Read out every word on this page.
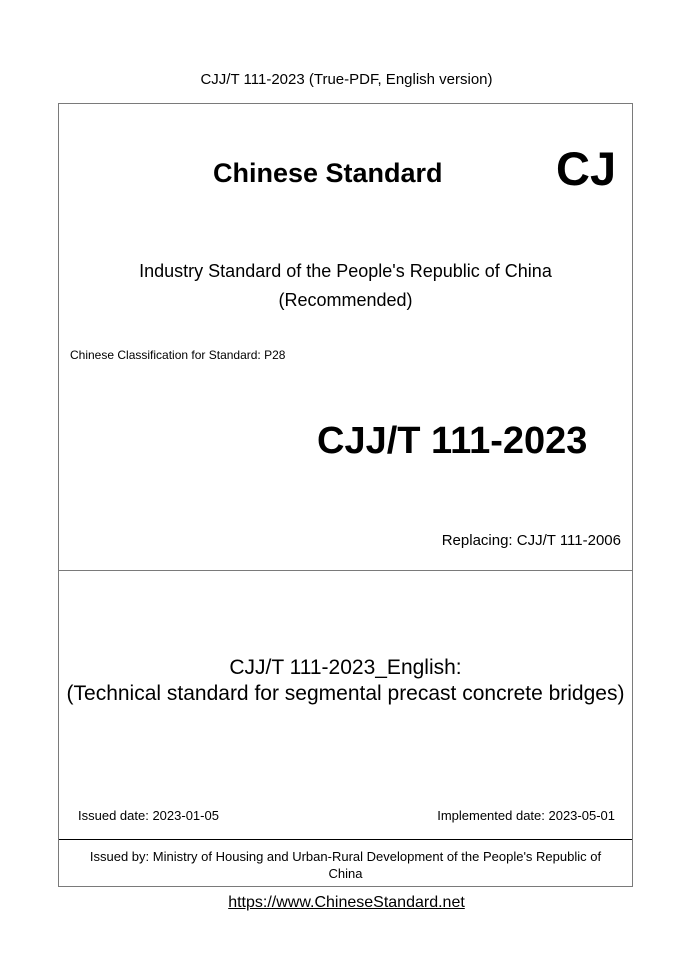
CJJ/T 111-2023 (True-PDF, English version)
Chinese Standard CJ
Industry Standard of the People's Republic of China
(Recommended)
Chinese Classification for Standard: P28
CJJ/T 111-2023
Replacing: CJJ/T 111-2006
CJJ/T 111-2023_English:
(Technical standard for segmental precast concrete bridges)
Issued date: 2023-01-05	Implemented date: 2023-05-01
Issued by: Ministry of Housing and Urban-Rural Development of the People's Republic of
China
https://www.ChineseStandard.net
